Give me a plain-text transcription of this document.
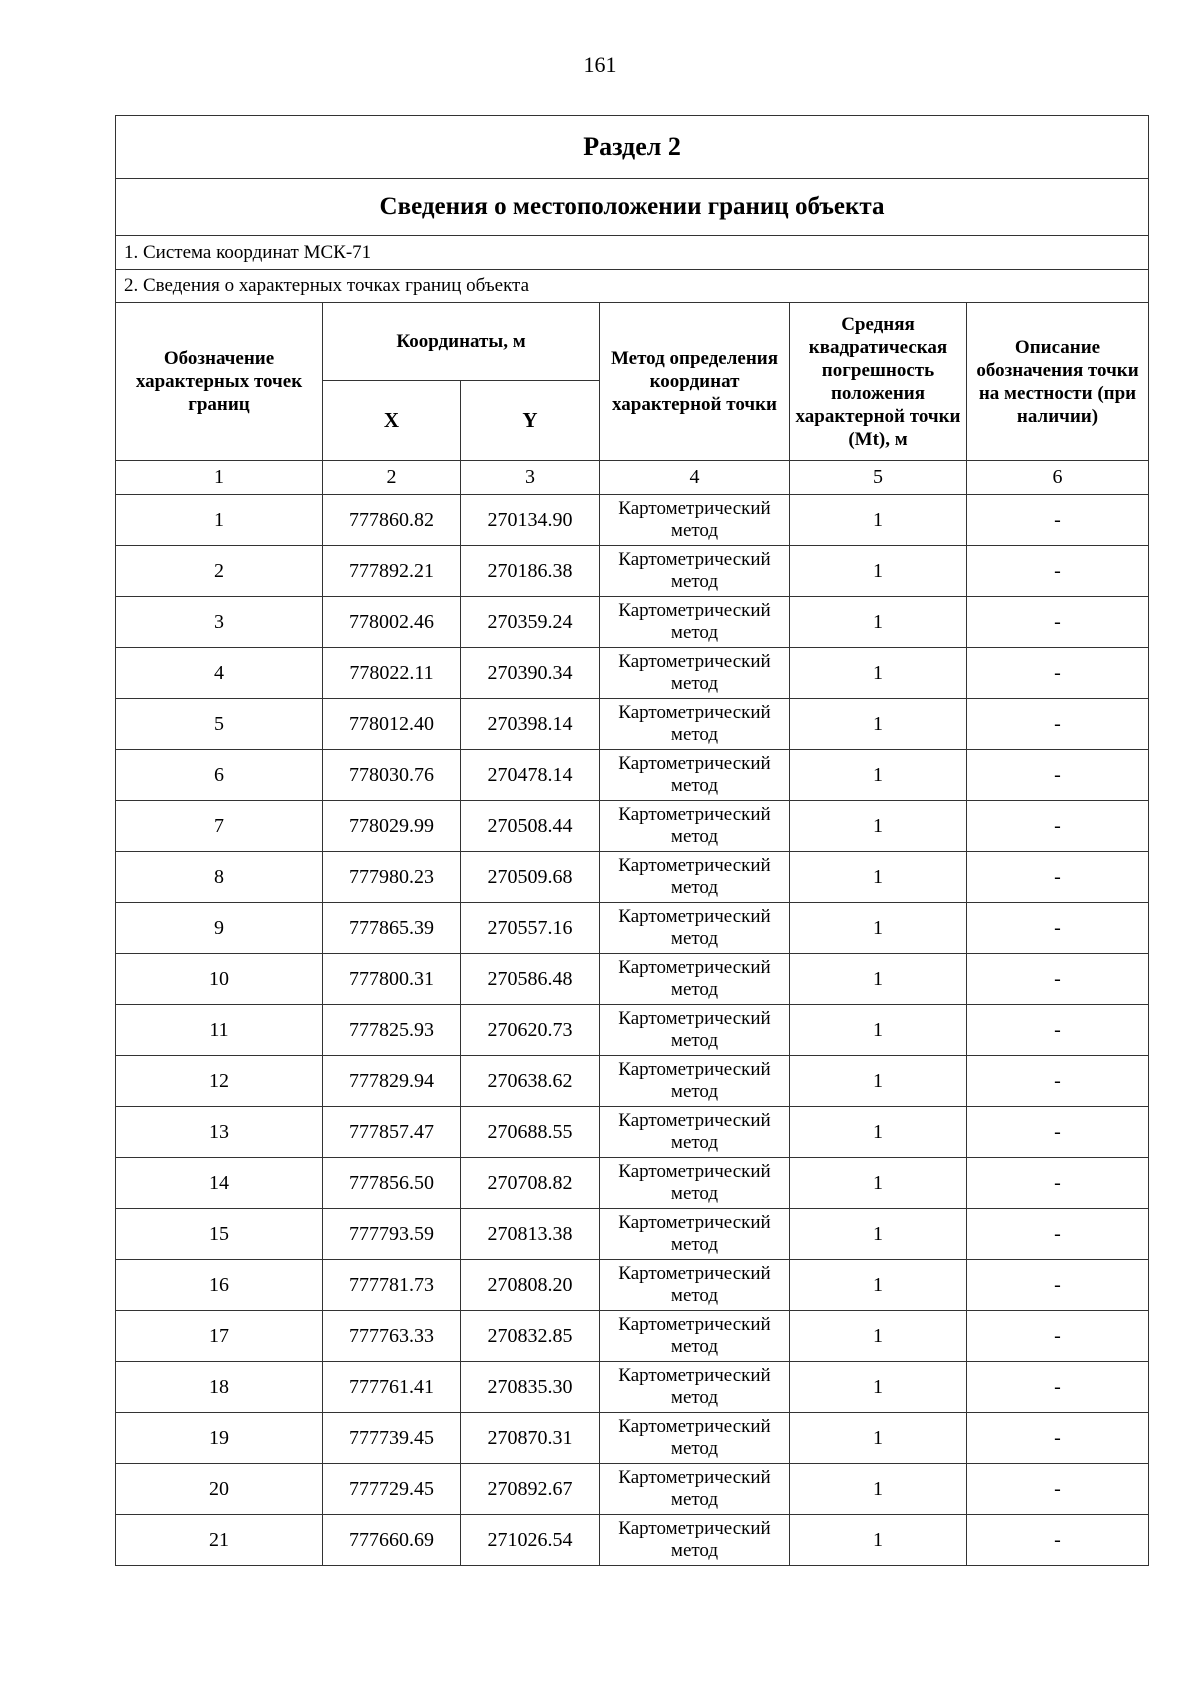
161
Раздел 2					
Сведения о местоположении границ объекта					
1. Система координат МСК-71					
2. Сведения о характерных точках границ объекта					
Обозначение характерных точек границ	Координаты, м		Метод определения координат характерной точки	Средняя квадратическая погрешность положения характерной точки (Mt), м	Описание обозначения точки на местности (при наличии)
	X	Y			
1	2	3	4	5	6
1	777860.82	270134.90	Картометрический метод	1	-
2	777892.21	270186.38	Картометрический метод	1	-
3	778002.46	270359.24	Картометрический метод	1	-
4	778022.11	270390.34	Картометрический метод	1	-
5	778012.40	270398.14	Картометрический метод	1	-
6	778030.76	270478.14	Картометрический метод	1	-
7	778029.99	270508.44	Картометрический метод	1	-
8	777980.23	270509.68	Картометрический метод	1	-
9	777865.39	270557.16	Картометрический метод	1	-
10	777800.31	270586.48	Картометрический метод	1	-
11	777825.93	270620.73	Картометрический метод	1	-
12	777829.94	270638.62	Картометрический метод	1	-
13	777857.47	270688.55	Картометрический метод	1	-
14	777856.50	270708.82	Картометрический метод	1	-
15	777793.59	270813.38	Картометрический метод	1	-
16	777781.73	270808.20	Картометрический метод	1	-
17	777763.33	270832.85	Картометрический метод	1	-
18	777761.41	270835.30	Картометрический метод	1	-
19	777739.45	270870.31	Картометрический метод	1	-
20	777729.45	270892.67	Картометрический метод	1	-
21	777660.69	271026.54	Картометрический метод	1	-
